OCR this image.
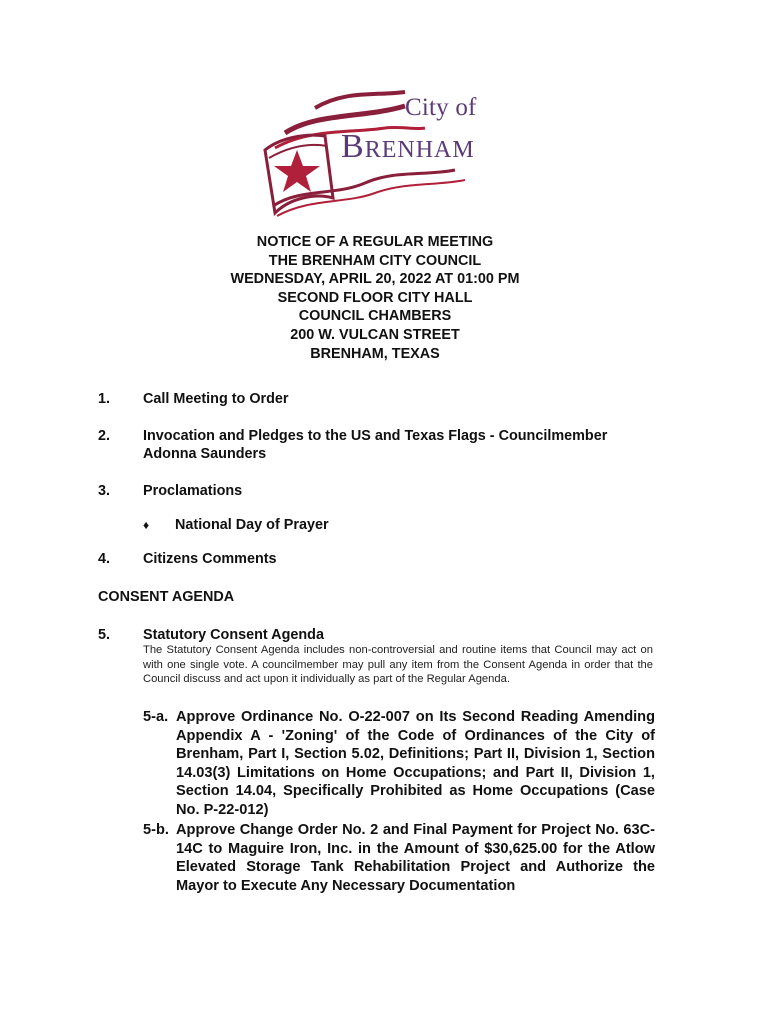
City of
BRENHAM
NOTICE OF A REGULAR MEETING
THE BRENHAM CITY COUNCIL
WEDNESDAY, APRIL 20, 2022 AT 01:00 PM
SECOND FLOOR CITY HALL
COUNCIL CHAMBERS
200 W. VULCAN STREET
BRENHAM, TEXAS
1.	Call Meeting to Order
2.	Invocation and Pledges to the US and Texas Flags - Councilmember Adonna Saunders
3.	Proclamations
♦ National Day of Prayer
4.	Citizens Comments
CONSENT AGENDA
5.	Statutory Consent Agenda
The Statutory Consent Agenda includes non-controversial and routine items that Council may act on with one single vote. A councilmember may pull any item from the Consent Agenda in order that the Council discuss and act upon it individually as part of the Regular Agenda.
5-a. Approve Ordinance No. O-22-007 on Its Second Reading Amending Appendix A - 'Zoning' of the Code of Ordinances of the City of Brenham, Part I, Section 5.02, Definitions; Part II, Division 1, Section 14.03(3) Limitations on Home Occupations; and Part II, Division 1, Section 14.04, Specifically Prohibited as Home Occupations (Case No. P-22-012)
5-b. Approve Change Order No. 2 and Final Payment for Project No. 63C-14C to Maguire Iron, Inc. in the Amount of $30,625.00 for the Atlow Elevated Storage Tank Rehabilitation Project and Authorize the Mayor to Execute Any Necessary Documentation
